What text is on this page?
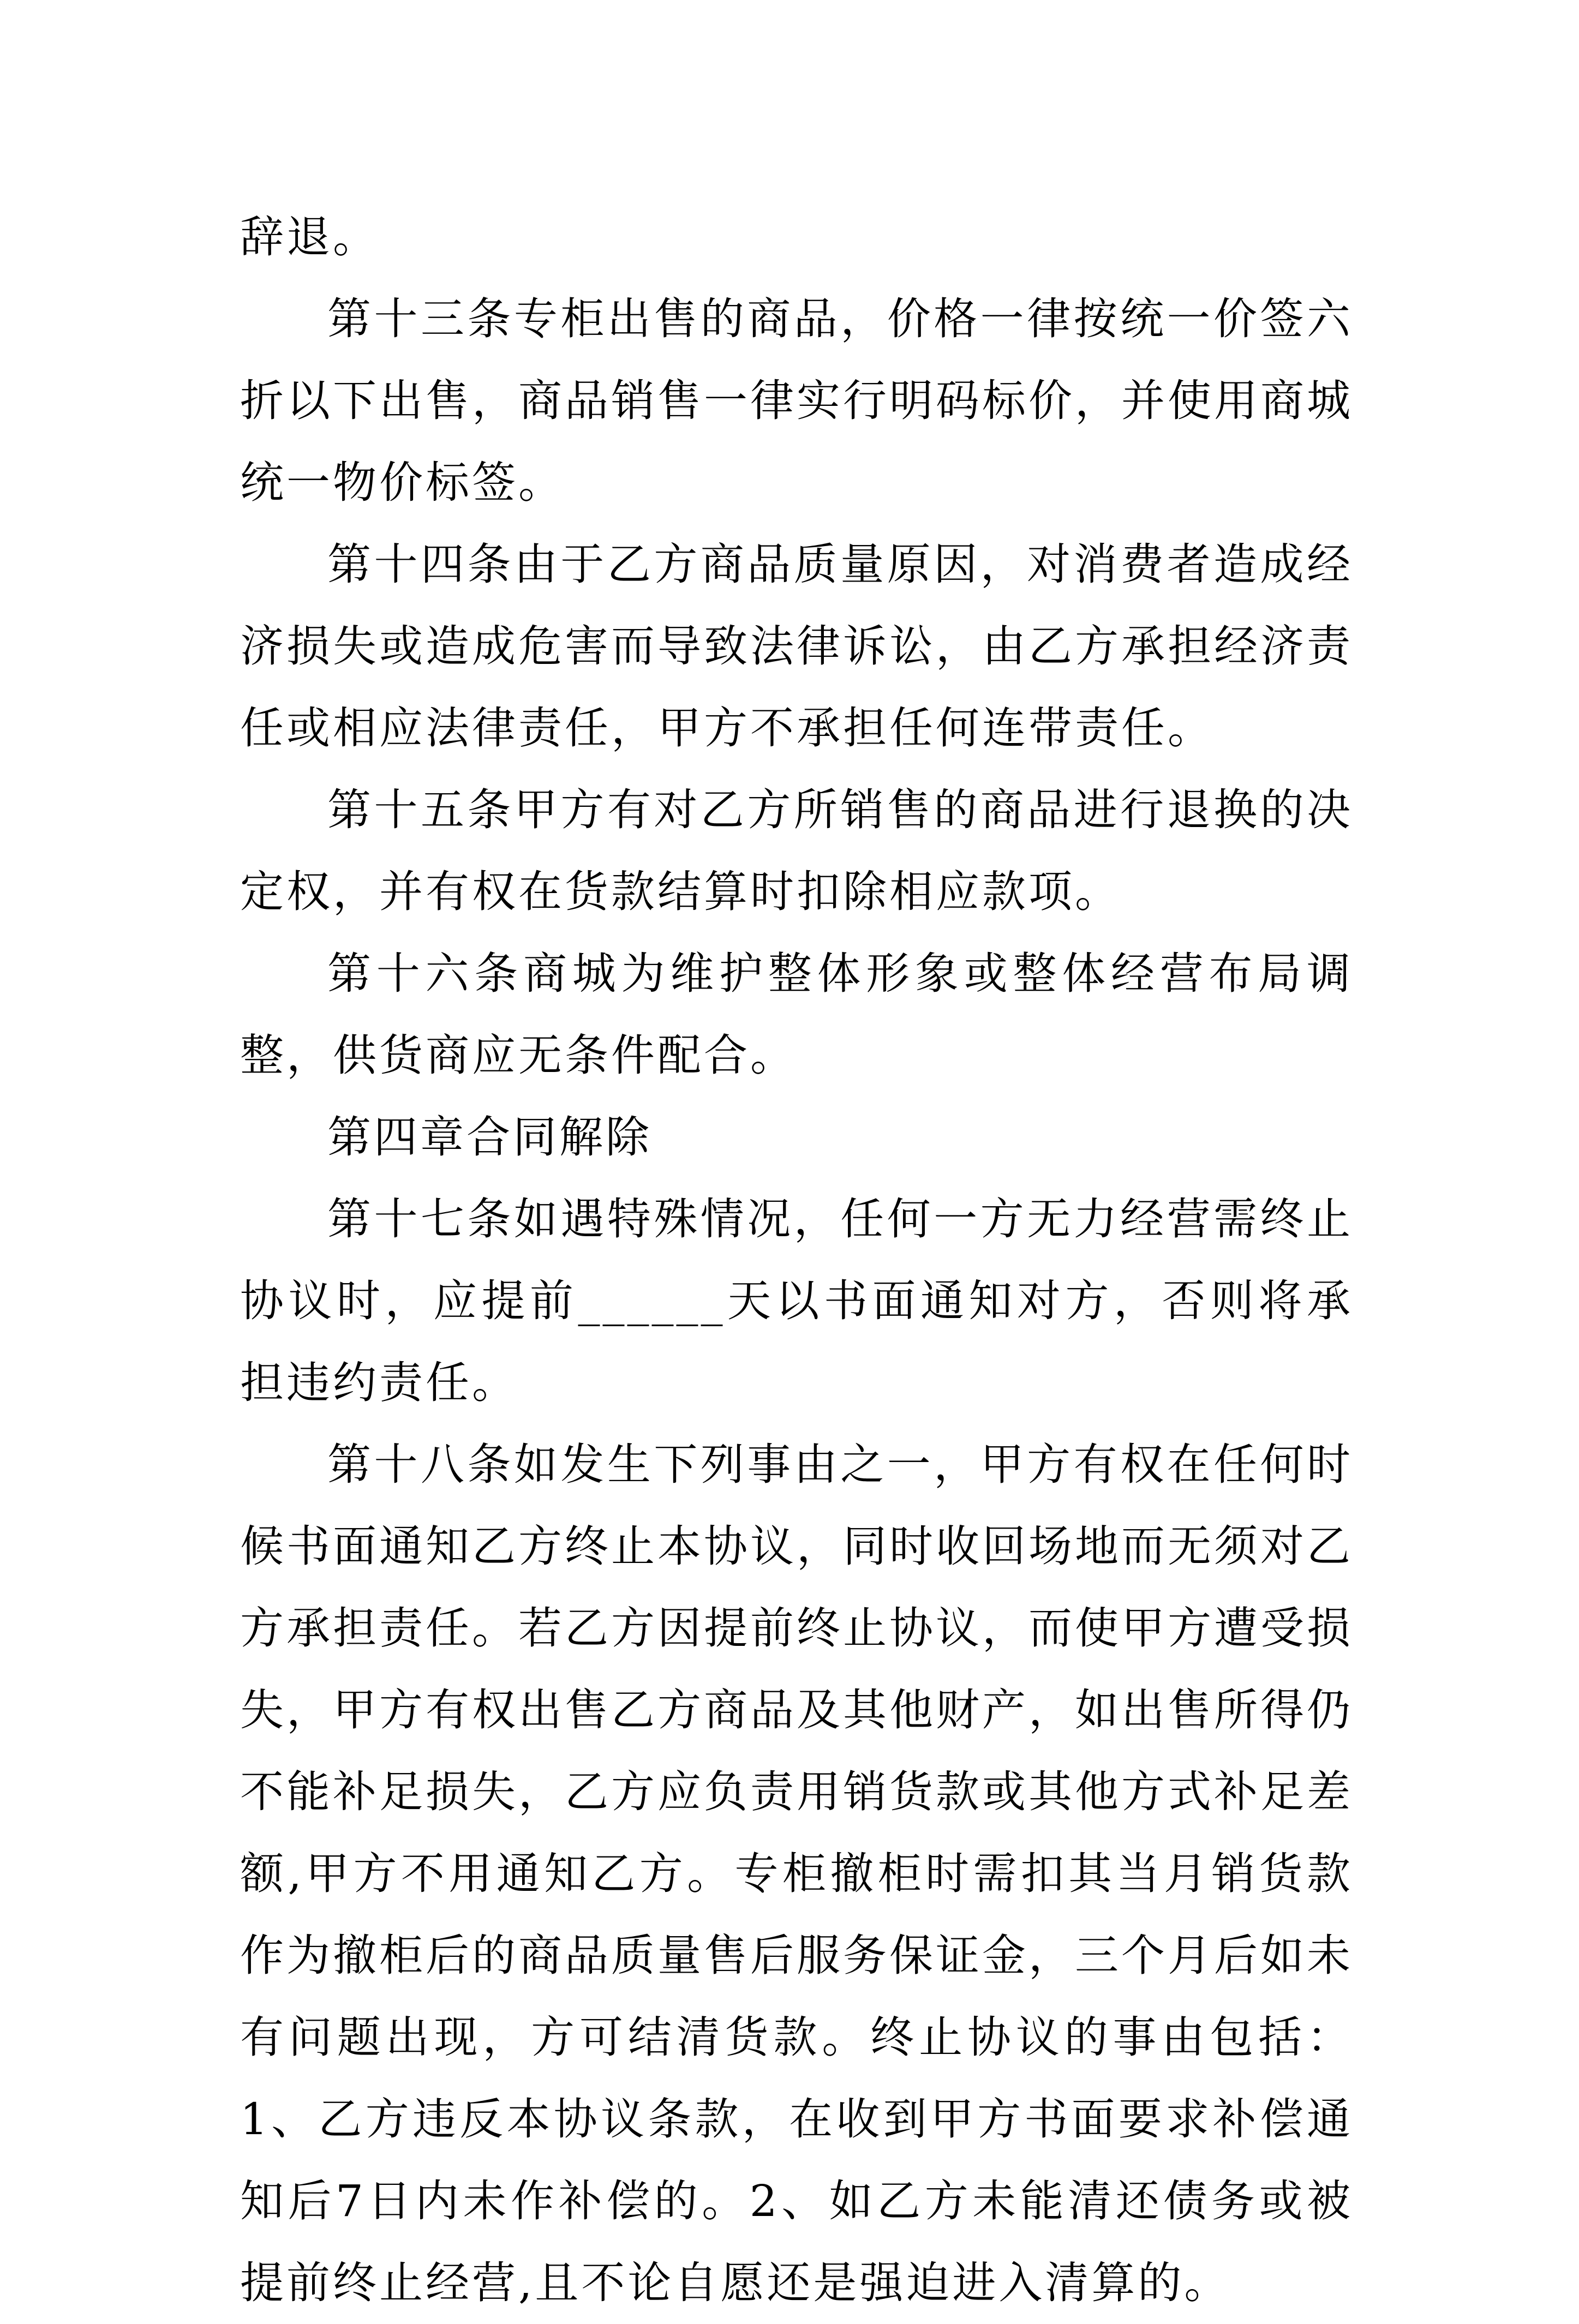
辞退。

第十三条专柜出售的商品，价格一律按统一价签六折以下出售，商品销售一律实行明码标价，并使用商城统一物价标签。

第十四条由于乙方商品质量原因，对消费者造成经济损失或造成危害而导致法律诉讼，由乙方承担经济责任或相应法律责任，甲方不承担任何连带责任。

第十五条甲方有对乙方所销售的商品进行退换的决定权，并有权在货款结算时扣除相应款项。

第十六条商城为维护整体形象或整体经营布局调整，供货商应无条件配合。

第四章合同解除

第十七条如遇特殊情况，任何一方无力经营需终止协议时，应提前______天以书面通知对方，否则将承担违约责任。

第十八条如发生下列事由之一，甲方有权在任何时候书面通知乙方终止本协议，同时收回场地而无须对乙方承担责任。若乙方因提前终止协议，而使甲方遭受损失，甲方有权出售乙方商品及其他财产，如出售所得仍不能补足损失，乙方应负责用销货款或其他方式补足差额,甲方不用通知乙方。专柜撤柜时需扣其当月销货款作为撤柜后的商品质量售后服务保证金，三个月后如未有问题出现，方可结清货款。终止协议的事由包括：1、乙方违反本协议条款，在收到甲方书面要求补偿通知后7日内未作补偿的。2、如乙方未能清还债务或被提前终止经营,且不论自愿还是强迫进入清算的。
